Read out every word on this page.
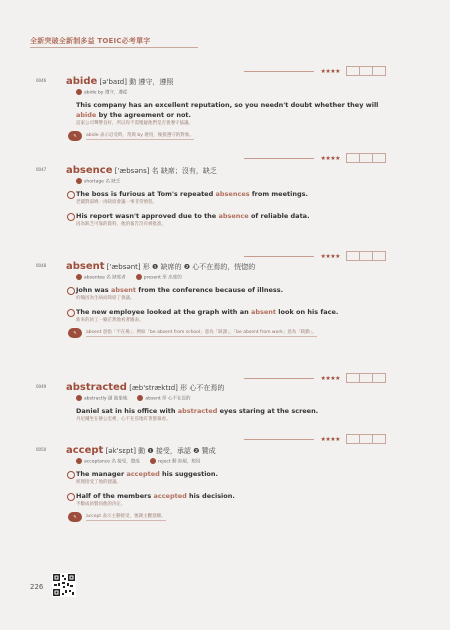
全新突破全新制多益 TOEIC必考單字
★★★★
0046 abide [ə'baɪd] 動 遵守，遵照
abide by 遵守，遵從
This company has an excellent reputation, so you needn't doubt whether they will abide by the agreement or not.
這家公司聲譽良好，所以你不需懷疑他們是否會遵守協議。
✎	abide 表示忍受時，常與 by 連用，後接遵守的對象。
★★★★
0047 absence ['æbsəns] 名 缺席；沒有，缺乏
shortage 名 缺乏
The boss is furious at Tom's repeated absences from meetings.
老闆對湯姆一再缺席會議一事非常憤怒。
His report wasn't approved due to the absence of reliable data.
因為缺乏可靠的資料，他的報告沒有被批准。
★★★★
0048 absent ['æbsənt] 形 ❶ 缺席的 ❷ 心不在焉的，恍惚的
absentee 名 缺席者	present 形 出席的
John was absent from the conference because of illness.
約翰因為生病而缺席了會議。
The new employee looked at the graph with an absent look on his face.
新來的員工一臉茫然地看著圖表。
✎	absent 意指「不在場」；例如「be absent from school」意為「缺課」，「be absent from work」意為「缺勤」。
★★★★
0049 abstracted [æb'stræktɪd] 形 心不在焉的
abstractly 副 抽象地	absent 形 心不在焉的
Daniel sat in his office with abstracted eyes staring at the screen.
丹尼爾坐在辦公室裡，心不在焉地盯著螢幕看。
★★★★
0050 accept [ək'sɛpt] 動 ❶ 接受，承認 ❷ 贊成
acceptance 名 接受，贊成	reject 動 拒絕，駁回
The manager accepted his suggestion.
經理接受了他的建議。
Half of the members accepted his decision.
半數成員贊同他的決定。
✎	accept 表示主動接受，強調主觀意願。
226
